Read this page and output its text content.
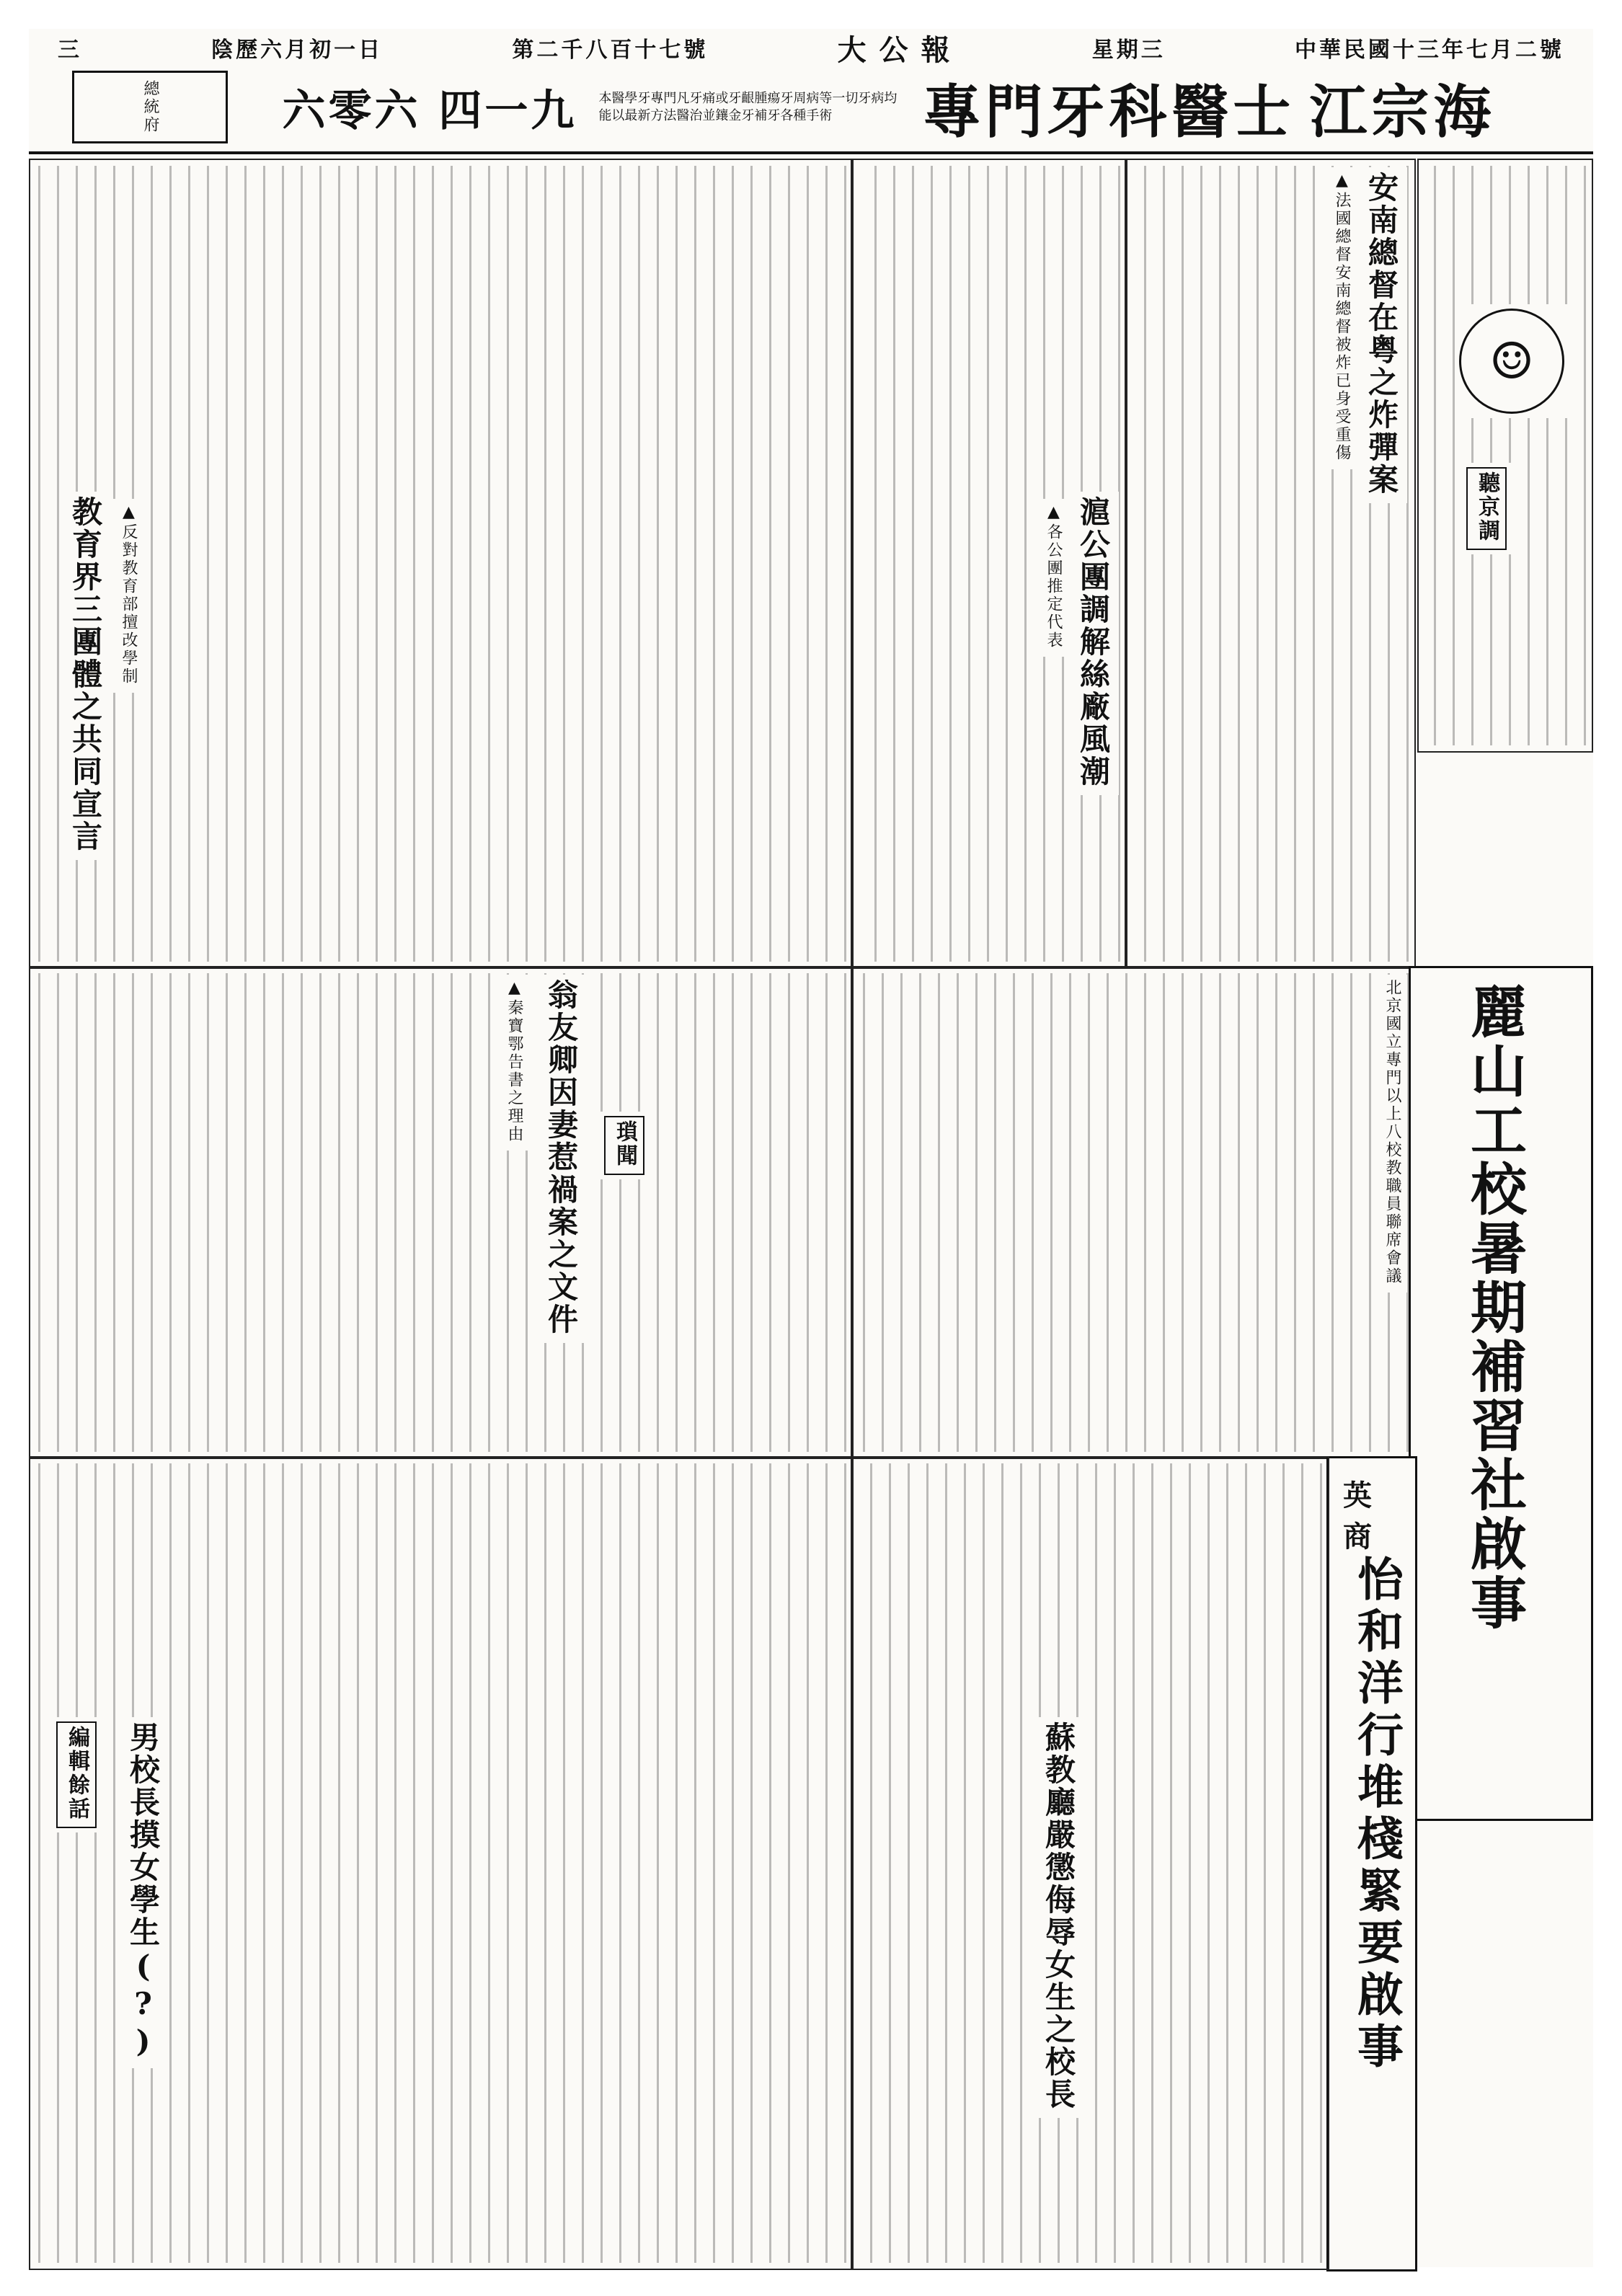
三	陰歷六月初一日	第二千八百十七號	大公報	星期三	中華民國十三年七月二號
總統府	六零六 四一九 本醫學牙專門凡牙痛或牙齦腫瘍牙周病等一切牙病均能以最新方法醫治並鑲金牙補牙各種手術	專門牙科醫士 江宗海
☺
聽京調
安南總督在粤之炸彈案
▲法國總督安南總督被炸已身受重傷
滬公團調解絲廠風潮
▲各公團推定代表
北京國立專門以上八校教職員聯席會議
教育界三團體之共同宣言	▲反對教育部擅改學制
翁友卿因妻惹禍案之文件
▲秦寶鄂告書之理由
瑣聞	麗山工校暑期補習社啟事
英
商
怡和洋行堆棧緊要啟事
蘇教廳嚴懲侮辱女生之校長
男校長摸女學生(?)
編輯餘話
